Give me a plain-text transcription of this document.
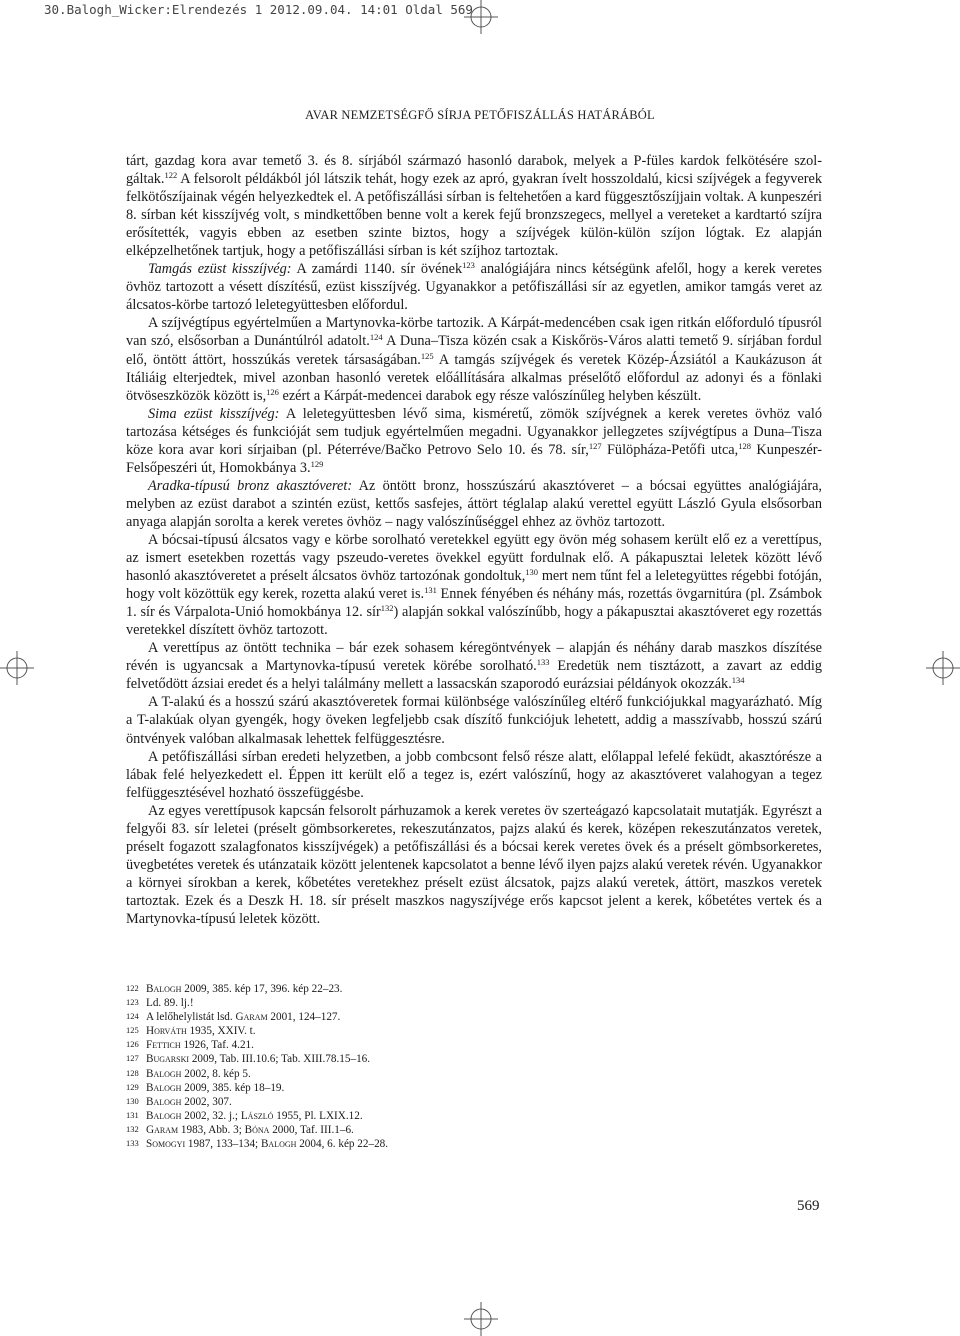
30.Balogh_Wicker:Elrendezés 1 2012.09.04. 14:01 Oldal 569
AVAR NEMZETSÉGFŐ SÍRJA PETŐFISZÁLLÁS HATÁRÁBÓL

tárt, gazdag kora avar temető 3. és 8. sírjából származó hasonló darabok, melyek a P-füles kardok felkötésére szolgáltak.$^{122}$ A felsorolt példákból jól látszik tehát, hogy ezek az apró, gyakran ívelt hosszoldalú, kicsi szíjvégek a fegyverek felkötőszíjainak végén helyezkedtek el. A petőfiszállási sírban is feltehetően a kard függesztőszíjjain voltak. A kunpeszéri 8. sírban két kisszíjvég volt, s mindkettőben benne volt a kerek fejű bronzszegecs, mellyel a vereteket a kardtartó szíjra erősítették, vagyis ebben az esetben szinte biztos, hogy a szíjvégek külön-külön szíjon lógtak. Ez alapján elképzelhetőnek tartjuk, hogy a petőfiszállási sírban is két szíjhoz tartoztak.

Tamgás ezüst kisszíjvég: A zamárdi 1140. sír övének$^{123}$ analógiájára nincs kétségünk afelől, hogy a kerek veretes övhöz tartozott a vésett díszítésű, ezüst kisszíjvég. Ugyanakkor a petőfiszállási sír az egyetlen, amikor tamgás veret az álcsatos-körbe tartozó leletegyüttesben előfordul.

A szíjvégtípus egyértelműen a Martynovka-körbe tartozik. A Kárpát-medencében csak igen ritkán előforduló típusról van szó, elsősorban a Dunántúlról adatolt.$^{124}$ A Duna–Tisza közén csak a Kiskőrös-Város alatti temető 9. sírjában fordul elő, öntött áttört, hosszúkás veretek társaságában.$^{125}$ A tamgás szíjvégek és veretek Közép-Ázsiától a Kaukázuson át Itáliáig elterjedtek, mivel azonban hasonló veretek előállítására alkalmas préselőtő előfordul az adonyi és a fönlaki ötvöseszközök között is,$^{126}$ ezért a Kárpát-medencei darabok egy része valószínűleg helyben készült.

Sima ezüst kisszíjvég: A leletegyüttesben lévő sima, kisméretű, zömök szíjvégnek a kerek veretes övhöz való tartozása kétséges és funkcióját sem tudjuk egyértelműen megadni. Ugyanakkor jellegzetes szíjvégtípus a Duna–Tisza köze kora avar kori sírjaiban (pl. Péterréve/Bačko Petrovo Selo 10. és 78. sír,$^{127}$ Fülöpháza-Petőfi utca,$^{128}$ Kunpeszér-Felsőpeszéri út, Homokbánya 3.$^{129}$

Aradka-típusú bronz akasztóveret: Az öntött bronz, hosszúszárú akasztóveret – a bócsai együttes analógiájára, melyben az ezüst darabot a szintén ezüst, kettős sasfejes, áttört téglalap alakú verettel együtt László Gyula elsősorban anyaga alapján sorolta a kerek veretes övhöz – nagy valószínűséggel ehhez az övhöz tartozott.

A bócsai-típusú álcsatos vagy e körbe sorolható veretekkel együtt egy övön még sohasem került elő ez a verettípus, az ismert esetekben rozettás vagy pszeudo-veretes övekkel együtt fordulnak elő. A pákapusztai leletek között lévő hasonló akasztóveretet a préselt álcsatos övhöz tartozónak gondoltuk,$^{130}$ mert nem tűnt fel a leletegyüttes régebbi fotóján, hogy volt közöttük egy kerek, rozetta alakú veret is.$^{131}$ Ennek fényében és néhány más, rozettás övgarnitúra (pl. Zsámbok 1. sír és Várpalota-Unió homokbánya 12. sír$^{132}$) alapján sokkal valószínűbb, hogy a pákapusztai akasztóveret egy rozettás veretekkel díszített övhöz tartozott.

A verettípus az öntött technika – bár ezek sohasem kéregöntvények – alapján és néhány darab maszkos díszítése révén is ugyancsak a Martynovka-típusú veretek körébe sorolható.$^{133}$ Eredetük nem tisztázott, a zavart az eddig felvetődött ázsiai eredet és a helyi találmány mellett a lassacskán szaporodó eurázsiai példányok okozzák.$^{134}$

A T-alakú és a hosszú szárú akasztóveretek formai különbsége valószínűleg eltérő funkciójukkal magyarázható. Míg a T-alakúak olyan gyengék, hogy öveken legfeljebb csak díszítő funkciójuk lehetett, addig a masszívabb, hosszú szárú öntvények valóban alkalmasak lehettek felfüggesztésre.

A petőfiszállási sírban eredeti helyzetben, a jobb combcsont felső része alatt, előlappal lefelé feküdt, akasztórésze a lábak felé helyezkedett el. Éppen itt került elő a tegez is, ezért valószínű, hogy az akasztóveret valahogyan a tegez felfüggesztésével hozható összefüggésbe.

Az egyes verettípusok kapcsán felsorolt párhuzamok a kerek veretes öv szerteágazó kapcsolatait mutatják. Egyrészt a felgyői 83. sír leletei (préselt gömbsorkeretes, rekeszutánzatos, pajzs alakú és kerek, középen rekeszutánzatos veretek, préselt fogazott szalagfonatos kisszíjvégek) a petőfiszállási és a bócsai kerek veretes övek és a préselt gömbsorkeretes, üvegbetétes veretek és utánzataik között jelentenek kapcsolatot a benne lévő ilyen pajzs alakú veretek révén. Ugyanakkor a környei sírokban a kerek, kőbetétes veretekhez préselt ezüst álcsatok, pajzs alakú veretek, áttört, maszkos veretek tartoztak. Ezek és a Deszk H. 18. sír préselt maszkos nagyszíjvége erős kapcsot jelent a kerek, kőbetétes vertek és a Martynovka-típusú leletek között.

122 Balogh 2009, 385. kép 17, 396. kép 22–23.
123 Ld. 89. lj.!
124 A lelőhelylistát lsd. Garam 2001, 124–127.
125 Horváth 1935, XXIV. t.
126 Fettich 1926, Taf. 4.21.
127 Bugarski 2009, Tab. III.10.6; Tab. XIII.78.15–16.
128 Balogh 2002, 8. kép 5.
129 Balogh 2009, 385. kép 18–19.
130 Balogh 2002, 307.
131 Balogh 2002, 32. j.; László 1955, Pl. LXIX.12.
132 Garam 1983, Abb. 3; Bóna 2000, Taf. III.1–6.
133 Somogyi 1987, 133–134; Balogh 2004, 6. kép 22–28.
569
